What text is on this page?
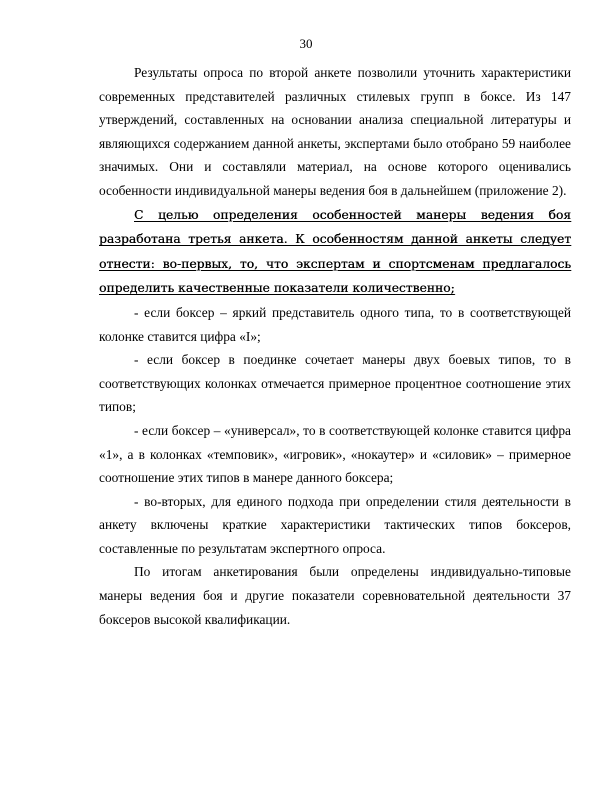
30

Результаты опроса по второй анкете позволили уточнить характеристики современных представителей различных стилевых групп в боксе. Из 147 утверждений, составленных на основании анализа специальной литературы и являющихся содержанием данной анкеты, экспертами было отобрано 59 наиболее значимых. Они и составляли материал, на основе которого оценивались особенности индивидуальной манеры ведения боя в дальнейшем (приложение 2).

С целью определения особенностей манеры ведения боя разработана третья анкета. К особенностям данной анкеты следует отнести: во-первых, то, что экспертам и спортсменам предлагалось определить качественные показатели количественно;

- если боксер – яркий представитель одного типа, то в соответствующей колонке ставится цифра «I»;

- если боксер в поединке сочетает манеры двух боевых типов, то в соответствующих колонках отмечается примерное процентное соотношение этих типов;

- если боксер – «универсал», то в соответствующей колонке ставится цифра «1», а в колонках «темповик», «игровик», «нокаутер» и «силовик» – примерное соотношение этих типов в манере данного боксера;

- во-вторых, для единого подхода при определении стиля деятельности в анкету включены краткие характеристики тактических типов боксеров, составленные по результатам экспертного опроса.

По итогам анкетирования были определены индивидуально-типовые манеры ведения боя и другие показатели соревновательной деятельности 37 боксеров высокой квалификации.
